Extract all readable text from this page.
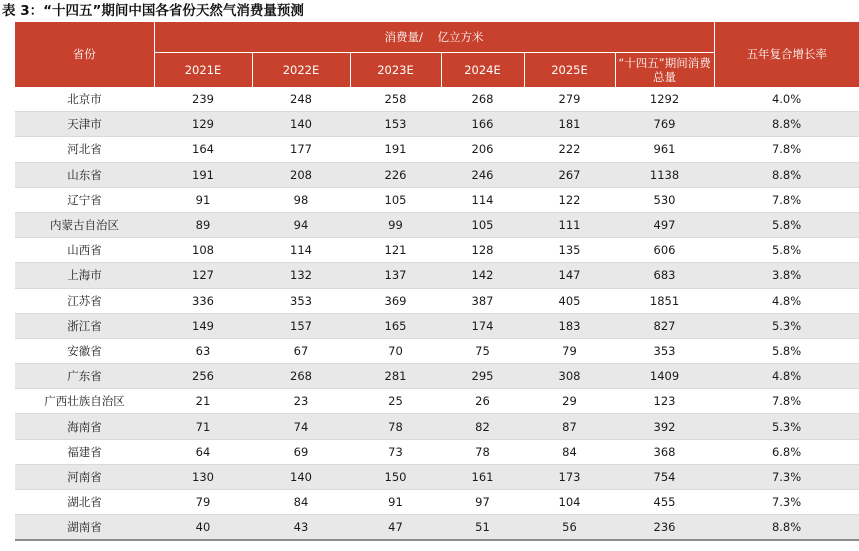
表 3：“十四五”期间中国各省份天然气消费量预测
省份	消费量/    亿立方米						五年复合增长率
	2021E	2022E	2023E	2024E	2025E	“十四五”期间消费
总量	

北京市	239	248	258	268	279	1292	4.0%
天津市	129	140	153	166	181	769	8.8%
河北省	164	177	191	206	222	961	7.8%
山东省	191	208	226	246	267	1138	8.8%
辽宁省	91	98	105	114	122	530	7.8%
内蒙古自治区	89	94	99	105	111	497	5.8%
山西省	108	114	121	128	135	606	5.8%
上海市	127	132	137	142	147	683	3.8%
江苏省	336	353	369	387	405	1851	4.8%
浙江省	149	157	165	174	183	827	5.3%
安徽省	63	67	70	75	79	353	5.8%
广东省	256	268	281	295	308	1409	4.8%
广西壮族自治区	21	23	25	26	29	123	7.8%
海南省	71	74	78	82	87	392	5.3%
福建省	64	69	73	78	84	368	6.8%
河南省	130	140	150	161	173	754	7.3%
湖北省	79	84	91	97	104	455	7.3%
湖南省	40	43	47	51	56	236	8.8%
